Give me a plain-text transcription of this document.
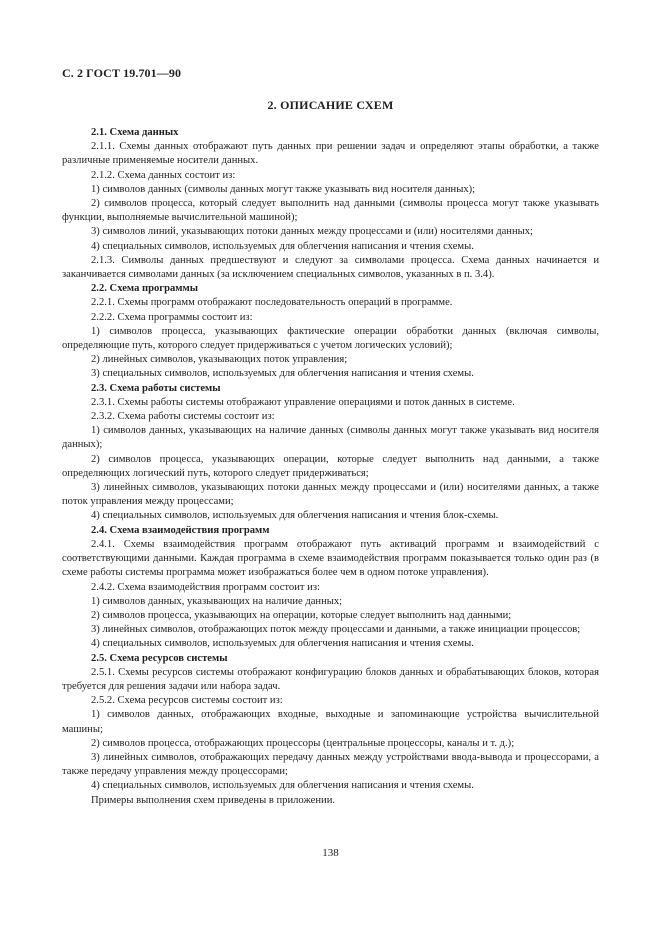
С. 2 ГОСТ 19.701—90
2. ОПИСАНИЕ СХЕМ

2.1. Схема данных

2.1.1. Схемы данных отображают путь данных при решении задач и определяют этапы обработки, а также различные применяемые носители данных.

2.1.2. Схема данных состоит из:

1) символов данных (символы данных могут также указывать вид носителя данных);

2) символов процесса, который следует выполнить над данными (символы процесса могут также указывать функции, выполняемые вычислительной машиной);

3) символов линий, указывающих потоки данных между процессами и (или) носителями данных;

4) специальных символов, используемых для облегчения написания и чтения схемы.

2.1.3. Символы данных предшествуют и следуют за символами процесса. Схема данных начинается и заканчивается символами данных (за исключением специальных символов, указанных в п. 3.4).

2.2. Схема программы

2.2.1. Схемы программ отображают последовательность операций в программе.

2.2.2. Схема программы состоит из:

1) символов процесса, указывающих фактические операции обработки данных (включая символы, определяющие путь, которого следует придерживаться с учетом логических условий);

2) линейных символов, указывающих поток управления;

3) специальных символов, используемых для облегчения написания и чтения схемы.

2.3. Схема работы системы

2.3.1. Схемы работы системы отображают управление операциями и поток данных в системе.

2.3.2. Схема работы системы состоит из:

1) символов данных, указывающих на наличие данных (символы данных могут также указывать вид носителя данных);

2) символов процесса, указывающих операции, которые следует выполнить над данными, а также определяющих логический путь, которого следует придерживаться;

3) линейных символов, указывающих потоки данных между процессами и (или) носителями данных, а также поток управления между процессами;

4) специальных символов, используемых для облегчения написания и чтения блок-схемы.

2.4. Схема взаимодействия программ

2.4.1. Схемы взаимодействия программ отображают путь активаций программ и взаимодействий с соответствующими данными. Каждая программа в схеме взаимодействия программ показывается только один раз (в схеме работы системы программа может изображаться более чем в одном потоке управления).

2.4.2. Схема взаимодействия программ состоит из:

1) символов данных, указывающих на наличие данных;

2) символов процесса, указывающих на операции, которые следует выполнить над данными;

3) линейных символов, отображающих поток между процессами и данными, а также инициации процессов;

4) специальных символов, используемых для облегчения написания и чтения схемы.

2.5. Схема ресурсов системы

2.5.1. Схемы ресурсов системы отображают конфигурацию блоков данных и обрабатывающих блоков, которая требуется для решения задачи или набора задач.

2.5.2. Схема ресурсов системы состоит из:

1) символов данных, отображающих входные, выходные и запоминающие устройства вычислительной машины;

2) символов процесса, отображающих процессоры (центральные процессоры, каналы и т. д.);

3) линейных символов, отображающих передачу данных между устройствами ввода-вывода и процессорами, а также передачу управления между процессорами;

4) специальных символов, используемых для облегчения написания и чтения схемы.

Примеры выполнения схем приведены в приложении.

138
